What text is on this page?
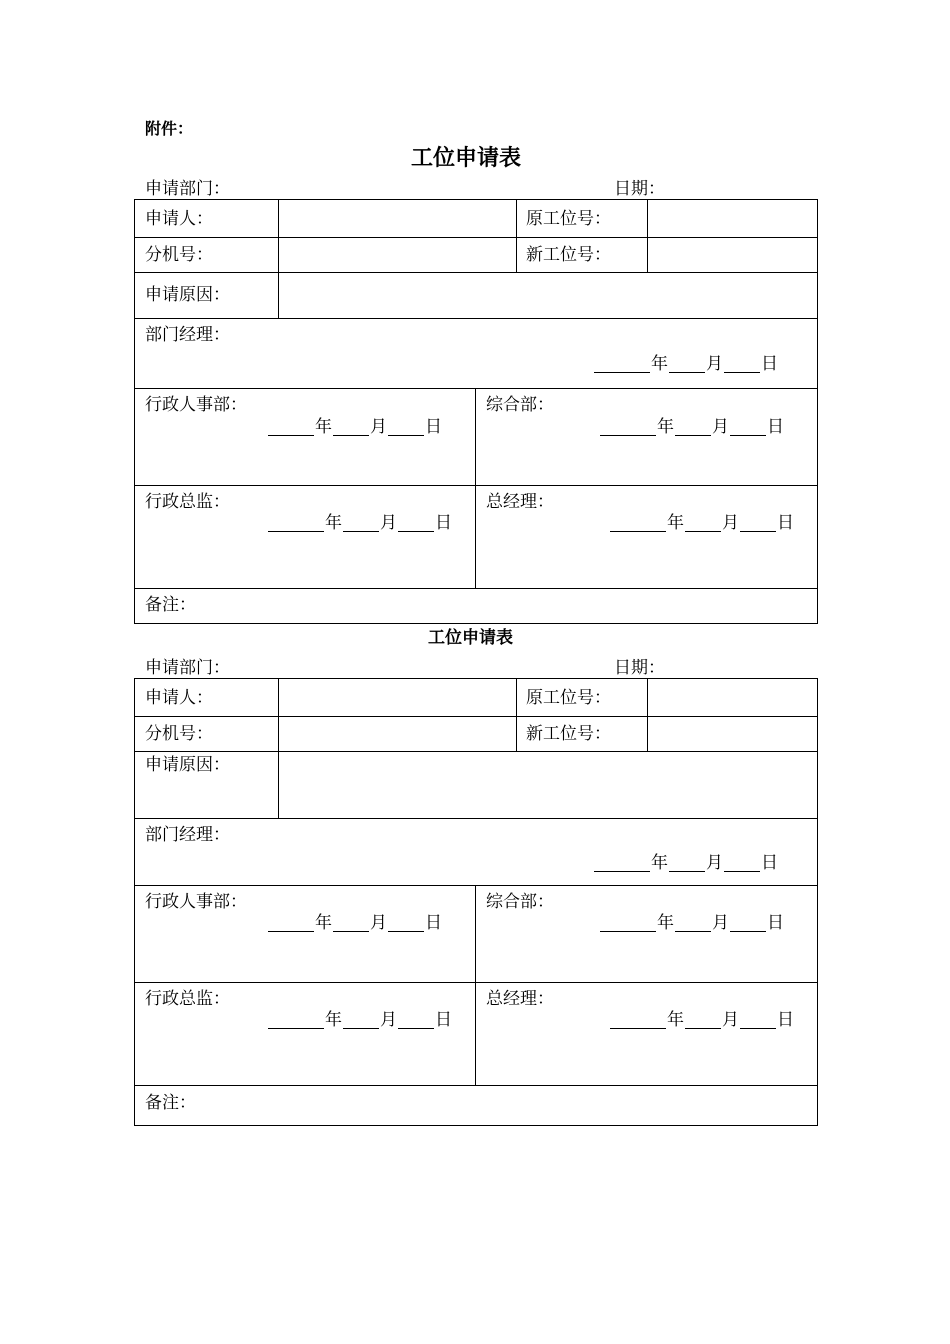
附件：
工位申请表
申请部门：	日期：
申请人：	原工位号：
分机号：	新工位号：
申请原因：
部门经理：
年 月 日
行政人事部：
年 月 日
综合部：
年 月 日
行政总监：
年 月 日
总经理：
年 月 日
备注：
工位申请表
申请部门：	日期：
申请人：	原工位号：
分机号：	新工位号：
申请原因：
部门经理：
年 月 日
行政人事部：
年 月 日
综合部：
年 月 日
行政总监：
年 月 日
总经理：
年 月 日
备注：
